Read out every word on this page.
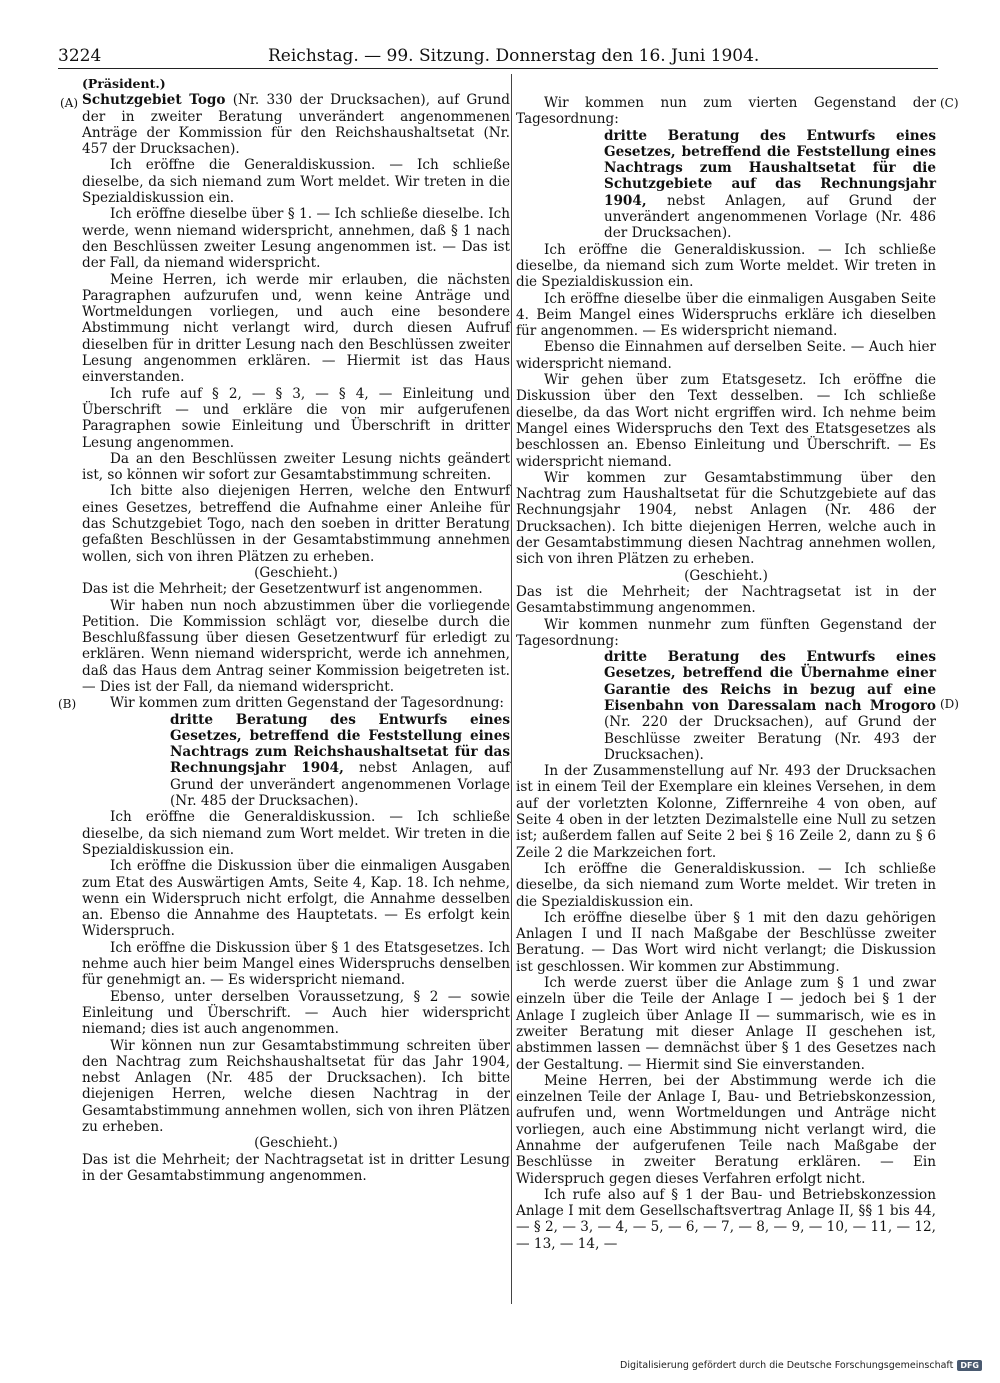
3224	Reichstag. — 99. Sitzung. Donnerstag den 16. Juni 1904.
(A)
(B)
(C)
(D)

(Präsident.)

Schutzgebiet Togo (Nr. 330 der Drucksachen), auf Grund der in zweiter Beratung unverändert angenommenen Anträge der Kommission für den Reichshaushaltsetat (Nr. 457 der Drucksachen).

Ich eröffne die Generaldiskussion. — Ich schließe dieselbe, da sich niemand zum Wort meldet. Wir treten in die Spezialdiskussion ein.

Ich eröffne dieselbe über § 1. — Ich schließe dieselbe. Ich werde, wenn niemand widerspricht, annehmen, daß § 1 nach den Beschlüssen zweiter Lesung angenommen ist. — Das ist der Fall, da niemand widerspricht.

Meine Herren, ich werde mir erlauben, die nächsten Paragraphen aufzurufen und, wenn keine Anträge und Wortmeldungen vorliegen, und auch eine besondere Abstimmung nicht verlangt wird, durch diesen Aufruf dieselben für in dritter Lesung nach den Beschlüssen zweiter Lesung angenommen erklären. — Hiermit ist das Haus einverstanden.

Ich rufe auf § 2, — § 3, — § 4, — Einleitung und Überschrift — und erkläre die von mir aufgerufenen Paragraphen sowie Einleitung und Überschrift in dritter Lesung angenommen.

Da an den Beschlüssen zweiter Lesung nichts geändert ist, so können wir sofort zur Gesamtabstimmung schreiten.

Ich bitte also diejenigen Herren, welche den Entwurf eines Gesetzes, betreffend die Aufnahme einer Anleihe für das Schutzgebiet Togo, nach den soeben in dritter Beratung gefaßten Beschlüssen in der Gesamtabstimmung annehmen wollen, sich von ihren Plätzen zu erheben.

(Geschieht.)

Das ist die Mehrheit; der Gesetzentwurf ist angenommen.

Wir haben nun noch abzustimmen über die vorliegende Petition. Die Kommission schlägt vor, dieselbe durch die Beschlußfassung über diesen Gesetzentwurf für erledigt zu erklären. Wenn niemand widerspricht, werde ich annehmen, daß das Haus dem Antrag seiner Kommission beigetreten ist. — Dies ist der Fall, da niemand widerspricht.

Wir kommen zum dritten Gegenstand der Tagesordnung:

dritte Beratung des Entwurfs eines Gesetzes, betreffend die Feststellung eines Nachtrags zum Reichshaushaltsetat für das Rechnungsjahr 1904, nebst Anlagen, auf Grund der unverändert angenommenen Vorlage (Nr. 485 der Drucksachen).

Ich eröffne die Generaldiskussion. — Ich schließe dieselbe, da sich niemand zum Wort meldet. Wir treten in die Spezialdiskussion ein.

Ich eröffne die Diskussion über die einmaligen Ausgaben zum Etat des Auswärtigen Amts, Seite 4, Kap. 18. Ich nehme, wenn ein Widerspruch nicht erfolgt, die Annahme desselben an. Ebenso die Annahme des Hauptetats. — Es erfolgt kein Widerspruch.

Ich eröffne die Diskussion über § 1 des Etatsgesetzes. Ich nehme auch hier beim Mangel eines Widerspruchs denselben für genehmigt an. — Es widerspricht niemand.

Ebenso, unter derselben Voraussetzung, § 2 — sowie Einleitung und Überschrift. — Auch hier widerspricht niemand; dies ist auch angenommen.

Wir können nun zur Gesamtabstimmung schreiten über den Nachtrag zum Reichshaushaltsetat für das Jahr 1904, nebst Anlagen (Nr. 485 der Drucksachen). Ich bitte diejenigen Herren, welche diesen Nachtrag in der Gesamtabstimmung annehmen wollen, sich von ihren Plätzen zu erheben.

(Geschieht.)

Das ist die Mehrheit; der Nachtragsetat ist in dritter Lesung in der Gesamtabstimmung angenommen.

Wir kommen nun zum vierten Gegenstand der Tagesordnung:

dritte Beratung des Entwurfs eines Gesetzes, betreffend die Feststellung eines Nachtrags zum Haushaltsetat für die Schutzgebiete auf das Rechnungsjahr 1904, nebst Anlagen, auf Grund der unverändert angenommenen Vorlage (Nr. 486 der Drucksachen).

Ich eröffne die Generaldiskussion. — Ich schließe dieselbe, da niemand sich zum Worte meldet. Wir treten in die Spezialdiskussion ein.

Ich eröffne dieselbe über die einmaligen Ausgaben Seite 4. Beim Mangel eines Widerspruchs erkläre ich dieselben für angenommen. — Es widerspricht niemand.

Ebenso die Einnahmen auf derselben Seite. — Auch hier widerspricht niemand.

Wir gehen über zum Etatsgesetz. Ich eröffne die Diskussion über den Text desselben. — Ich schließe dieselbe, da das Wort nicht ergriffen wird. Ich nehme beim Mangel eines Widerspruchs den Text des Etatsgesetzes als beschlossen an. Ebenso Einleitung und Überschrift. — Es widerspricht niemand.

Wir kommen zur Gesamtabstimmung über den Nachtrag zum Haushaltsetat für die Schutzgebiete auf das Rechnungsjahr 1904, nebst Anlagen (Nr. 486 der Drucksachen). Ich bitte diejenigen Herren, welche auch in der Gesamtabstimmung diesen Nachtrag annehmen wollen, sich von ihren Plätzen zu erheben.

(Geschieht.)

Das ist die Mehrheit; der Nachtragsetat ist in der Gesamtabstimmung angenommen.

Wir kommen nunmehr zum fünften Gegenstand der Tagesordnung:

dritte Beratung des Entwurfs eines Gesetzes, betreffend die Übernahme einer Garantie des Reichs in bezug auf eine Eisenbahn von Daressalam nach Mrogoro (Nr. 220 der Drucksachen), auf Grund der Beschlüsse zweiter Beratung (Nr. 493 der Drucksachen).

In der Zusammenstellung auf Nr. 493 der Drucksachen ist in einem Teil der Exemplare ein kleines Versehen, in dem auf der vorletzten Kolonne, Ziffernreihe 4 von oben, auf Seite 4 oben in der letzten Dezimalstelle eine Null zu setzen ist; außerdem fallen auf Seite 2 bei § 16 Zeile 2, dann zu § 6 Zeile 2 die Markzeichen fort.

Ich eröffne die Generaldiskussion. — Ich schließe dieselbe, da sich niemand zum Worte meldet. Wir treten in die Spezialdiskussion ein.

Ich eröffne dieselbe über § 1 mit den dazu gehörigen Anlagen I und II nach Maßgabe der Beschlüsse zweiter Beratung. — Das Wort wird nicht verlangt; die Diskussion ist geschlossen. Wir kommen zur Abstimmung.

Ich werde zuerst über die Anlage zum § 1 und zwar einzeln über die Teile der Anlage I — jedoch bei § 1 der Anlage I zugleich über Anlage II — summarisch, wie es in zweiter Beratung mit dieser Anlage II geschehen ist, abstimmen lassen — demnächst über § 1 des Gesetzes nach der Gestaltung. — Hiermit sind Sie einverstanden.

Meine Herren, bei der Abstimmung werde ich die einzelnen Teile der Anlage I, Bau- und Betriebskonzession, aufrufen und, wenn Wortmeldungen und Anträge nicht vorliegen, auch eine Abstimmung nicht verlangt wird, die Annahme der aufgerufenen Teile nach Maßgabe der Beschlüsse in zweiter Beratung erklären. — Ein Widerspruch gegen dieses Verfahren erfolgt nicht.

Ich rufe also auf § 1 der Bau- und Betriebskonzession Anlage I mit dem Gesellschaftsvertrag Anlage II, §§ 1 bis 44, — § 2, — 3, — 4, — 5, — 6, — 7, — 8, — 9, — 10, — 11, — 12, — 13, — 14, —

Digitalisierung gefördert durch die Deutsche Forschungsgemeinschaft DFG
